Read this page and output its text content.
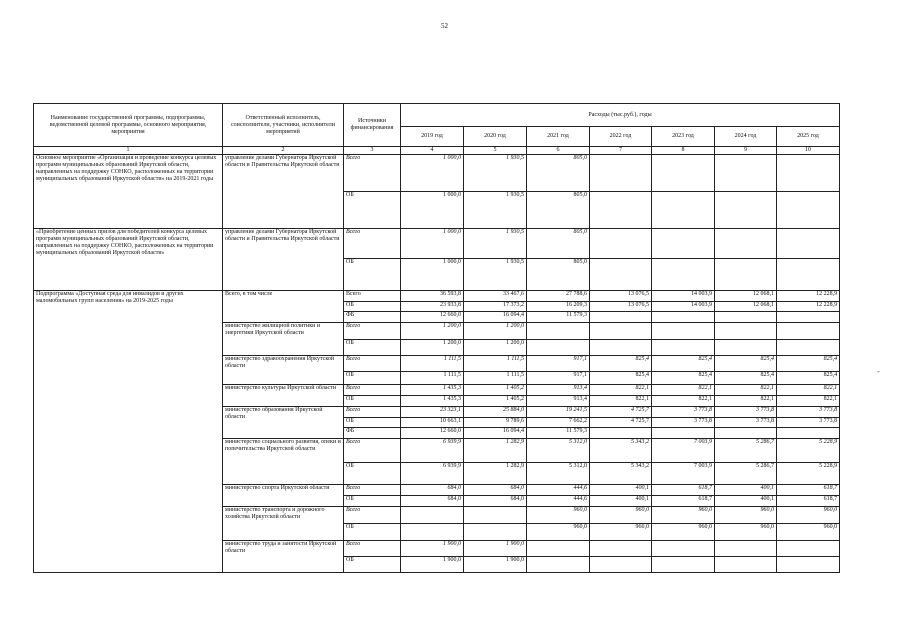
52
-
Наименование государственной программы, подпрограммы, ведомственной целевой программы, основного мероприятия, мероприятия	Ответственный исполнитель, соисполнители, участники, исполнители мероприятий	Источники финансирования	Расходы (тыс.руб.), годы						
			2019 год	2020 год	2021 год	2022 год	2023 год	2024 год	2025 год
1	2	3	4	5	6	7	8	9	10
Основное мероприятие «Организация и проведение конкурса целевых программ муниципальных образований Иркутской области, направленных на поддержку СОНКО, расположенных на территории муниципальных образований Иркутской области» на 2019-2021 годы	управление делами Губернатора Иркутской области и Правительства Иркутской области	Всего	1 000,0	1 930,5	805,0				
		ОБ	1 000,0	1 930,5	805,0				
«Приобретение ценных призов для победителей конкурса целевых программ муниципальных образований Иркутской области, направленных на поддержку СОНКО, расположенных на территории муниципальных образований Иркутской области»	управление делами Губернатора Иркутской области и Правительства Иркутской области	Всего	1 000,0	1 930,5	805,0				
		ОБ	1 000,0	1 930,5	805,0				
Подпрограмма «Доступная среда для инвалидов и других маломобильных групп населения» на 2019-2025 годы	Всего, в том числе	Всего	36 593,8	33 467,6	27 788,6	13 076,5	14 003,9	12 068,1	12 228,9
		ОБ	23 933,8	17 373,2	16 209,3	13 076,5	14 003,9	12 068,1	12 228,9
		ФБ	12 660,0	16 094,4	11 579,3				
	министерство жилищной политики и энергетики Иркутской области	Всего	1 200,0	1 200,0					
		ОБ	1 200,0	1 200,0					
	министерство здравоохранения Иркутской области	Всего	1 111,5	1 111,5	917,1	825,4	825,4	825,4	825,4
		ОБ	1 111,5	1 111,5	917,1	825,4	825,4	825,4	825,4
	министерство культуры Иркутской области	Всего	1 435,3	1 405,2	913,4	822,1	822,1	822,1	822,1
		ОБ	1 435,3	1 405,2	913,4	822,1	822,1	822,1	822,1
	министерство образования Иркутской области	Всего	23 323,1	25 884,0	19 241,5	4 725,7	3 773,8	3 773,8	3 773,8
		ОБ	10 663,1	9 789,6	7 662,2	4 725,7	3 773,8	3 773,8	3 773,8
		ФБ	12 660,0	16 094,4	11 579,3				
	министерство социального развития, опеки и попечительства Иркутской области	Всего	6 939,9	1 282,9	5 312,0	5 343,2	7 003,9	5 286,7	5 228,9
		ОБ	6 939,9	1 282,9	5 312,0	5 343,2	7 003,9	5 286,7	5 228,9
	министерство спорта Иркутской области	Всего	684,0	684,0	444,6	400,1	618,7	400,1	618,7
		ОБ	684,0	684,0	444,6	400,1	618,7	400,1	618,7
	министерство транспорта и дорожного хозяйства Иркутской области	Всего			960,0	960,0	960,0	960,0	960,0
		ОБ			960,0	960,0	960,0	960,0	960,0
	министерство труда и занятости Иркутской области	Всего	1 900,0	1 900,0					
		ОБ	1 900,0	1 900,0					
